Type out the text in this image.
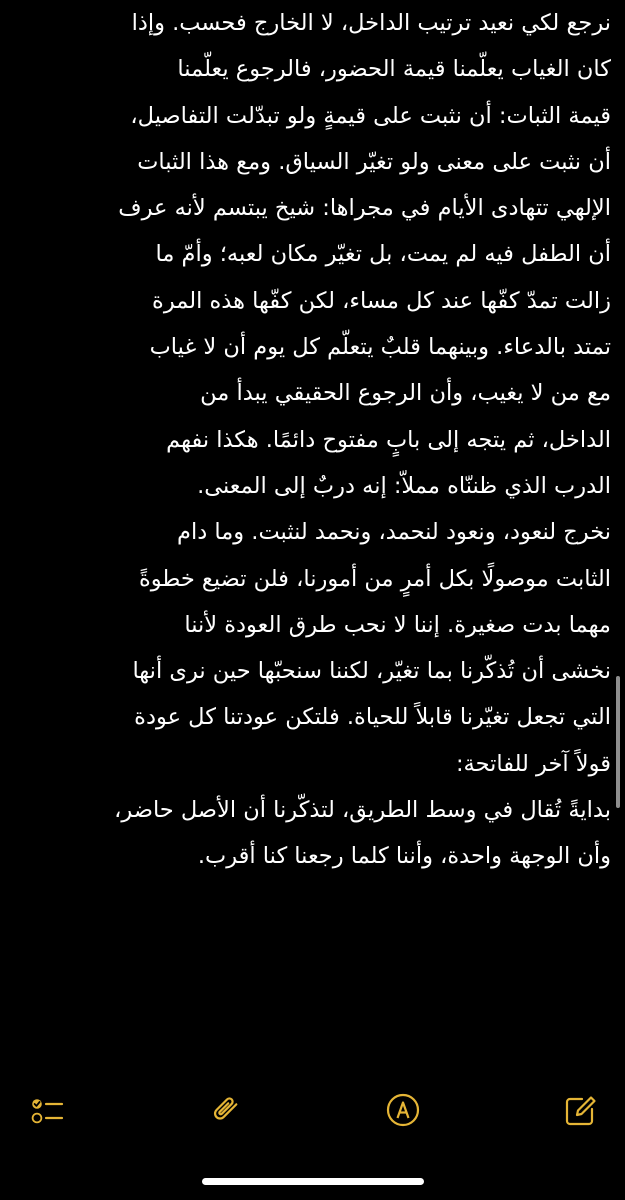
نرجع لكي نعيد ترتيب الداخل، لا الخارج فحسب. وإذا
كان الغياب يعلّمنا قيمة الحضور، فالرجوع يعلّمنا
قيمة الثبات: أن نثبت على قيمةٍ ولو تبدّلت التفاصيل،
أن نثبت على معنى ولو تغيّر السياق. ومع هذا الثبات
الإلهي تتهادى الأيام في مجراها: شيخ يبتسم لأنه عرف
أن الطفل فيه لم يمت، بل تغيّر مكان لعبه؛ وأمّ ما
زالت تمدّ كفّها عند كل مساء، لكن كفّها هذه المرة
تمتد بالدعاء. وبينهما قلبٌ يتعلّم كل يوم أن لا غياب
مع من لا يغيب، وأن الرجوع الحقيقي يبدأ من
الداخل، ثم يتجه إلى بابٍ مفتوح دائمًا. هكذا نفهم
الدرب الذي ظننّاه مملاّ: إنه دربٌ إلى المعنى.
نخرج لنعود، ونعود لنحمد، ونحمد لنثبت. وما دام
الثابت موصولًا بكل أمرٍ من أمورنا، فلن تضيع خطوةً
مهما بدت صغيرة. إننا لا نحب طرق العودة لأننا
نخشى أن تُذكّرنا بما تغيّر، لكننا سنحبّها حين نرى أنها
التي تجعل تغيّرنا قابلاً للحياة. فلتكن عودتنا كل عودة
قولاً آخر للفاتحة:
بدايةً تُقال في وسط الطريق، لتذكّرنا أن الأصل حاضر،
وأن الوجهة واحدة، وأننا كلما رجعنا كنا أقرب.
